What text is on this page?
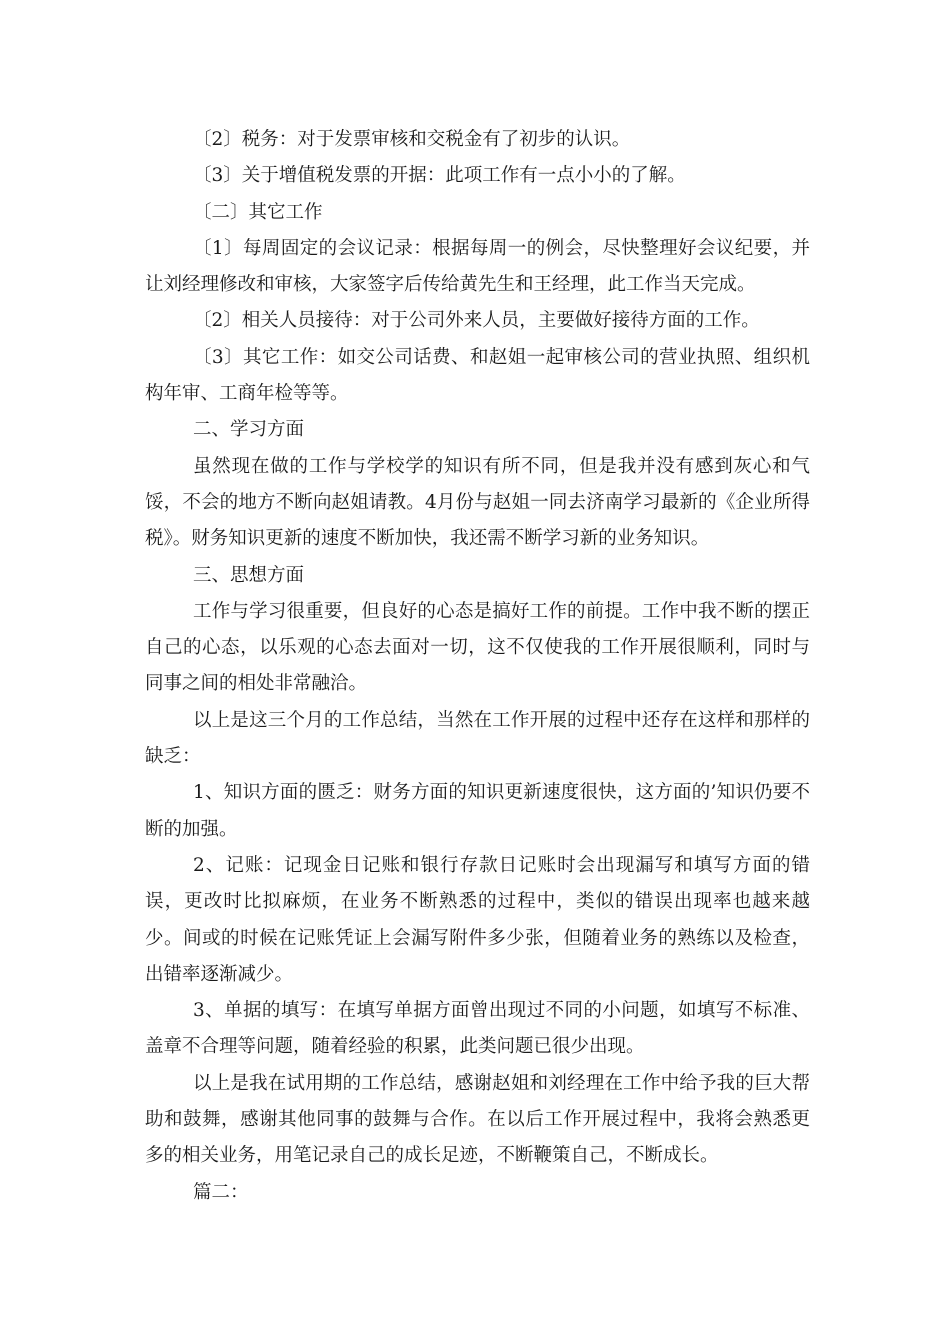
〔2〕税务：对于发票审核和交税金有了初步的认识。

〔3〕关于增值税发票的开据：此项工作有一点小小的了解。

〔二〕其它工作

〔1〕每周固定的会议记录：根据每周一的例会，尽快整理好会议纪要，并让刘经理修改和审核，大家签字后传给黄先生和王经理，此工作当天完成。

〔2〕相关人员接待：对于公司外来人员，主要做好接待方面的工作。

〔3〕其它工作：如交公司话费、和赵姐一起审核公司的营业执照、组织机构年审、工商年检等等。

二、学习方面

虽然现在做的工作与学校学的知识有所不同，但是我并没有感到灰心和气馁，不会的地方不断向赵姐请教。4月份与赵姐一同去济南学习最新的《企业所得税》。财务知识更新的速度不断加快，我还需不断学习新的业务知识。

三、思想方面

工作与学习很重要，但良好的心态是搞好工作的前提。工作中我不断的摆正自己的心态，以乐观的心态去面对一切，这不仅使我的工作开展很顺利，同时与同事之间的相处非常融洽。

以上是这三个月的工作总结，当然在工作开展的过程中还存在这样和那样的缺乏：

1、知识方面的匮乏：财务方面的知识更新速度很快，这方面的’知识仍要不断的加强。

2、记账：记现金日记账和银行存款日记账时会出现漏写和填写方面的错误，更改时比拟麻烦，在业务不断熟悉的过程中，类似的错误出现率也越来越少。间或的时候在记账凭证上会漏写附件多少张，但随着业务的熟练以及检查，出错率逐渐减少。

3、单据的填写：在填写单据方面曾出现过不同的小问题，如填写不标准、盖章不合理等问题，随着经验的积累，此类问题已很少出现。

以上是我在试用期的工作总结，感谢赵姐和刘经理在工作中给予我的巨大帮助和鼓舞，感谢其他同事的鼓舞与合作。在以后工作开展过程中，我将会熟悉更多的相关业务，用笔记录自己的成长足迹，不断鞭策自己，不断成长。

篇二：
